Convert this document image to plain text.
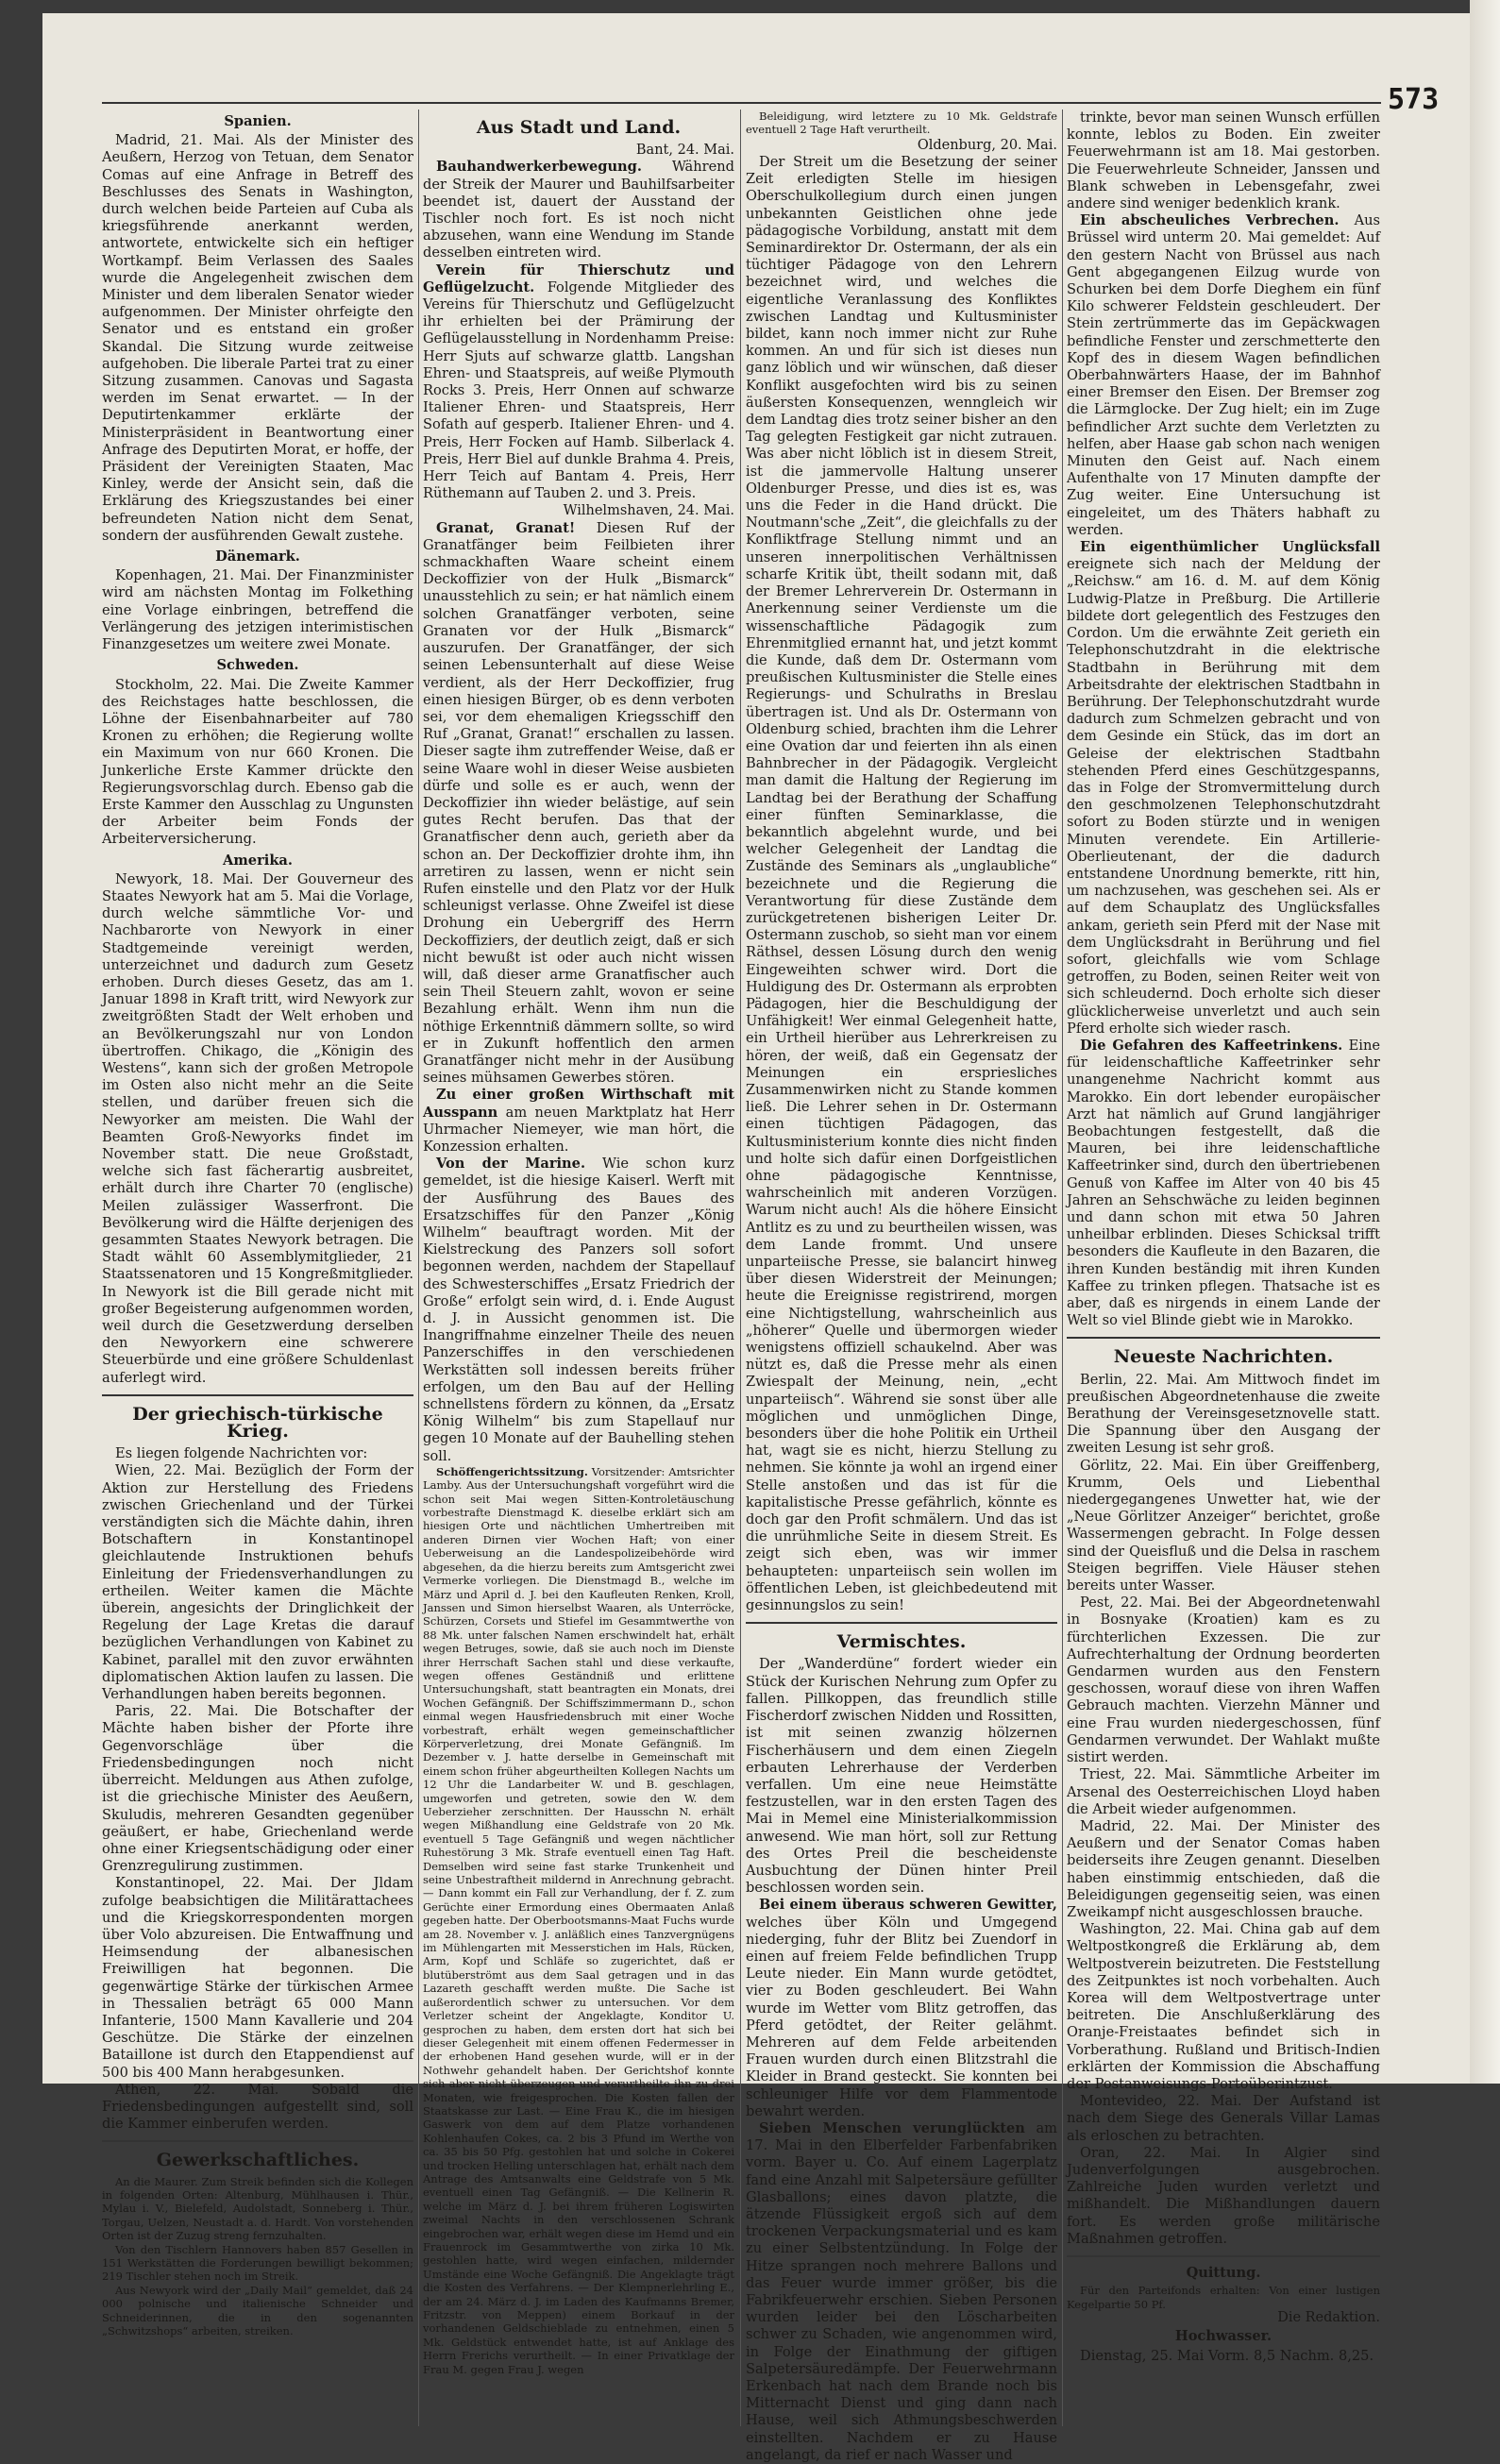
573
Spanien.

Madrid, 21. Mai. Als der Minister des Aeußern, Herzog von Tetuan, dem Senator Comas auf eine Anfrage in Betreff des Beschlusses des Senats in Washington, durch welchen beide Parteien auf Cuba als kriegsführende anerkannt werden, antwortete, entwickelte sich ein heftiger Wortkampf. Beim Verlassen des Saales wurde die Angelegenheit zwischen dem Minister und dem liberalen Senator wieder aufgenommen. Der Minister ohrfeigte den Senator und es entstand ein großer Skandal. Die Sitzung wurde zeitweise aufgehoben. Die liberale Partei trat zu einer Sitzung zusammen. Canovas und Sagasta werden im Senat erwartet. — In der Deputirtenkammer erklärte der Ministerpräsident in Beantwortung einer Anfrage des Deputirten Morat, er hoffe, der Präsident der Vereinigten Staaten, Mac Kinley, werde der Ansicht sein, daß die Erklärung des Kriegszustandes bei einer befreundeten Nation nicht dem Senat, sondern der ausführenden Gewalt zustehe.

Dänemark.

Kopenhagen, 21. Mai. Der Finanzminister wird am nächsten Montag im Folkething eine Vorlage einbringen, betreffend die Verlängerung des jetzigen interimistischen Finanzgesetzes um weitere zwei Monate.

Schweden.

Stockholm, 22. Mai. Die Zweite Kammer des Reichstages hatte beschlossen, die Löhne der Eisenbahnarbeiter auf 780 Kronen zu erhöhen; die Regierung wollte ein Maximum von nur 660 Kronen. Die Junkerliche Erste Kammer drückte den Regierungsvorschlag durch. Ebenso gab die Erste Kammer den Ausschlag zu Ungunsten der Arbeiter beim Fonds der Arbeiterversicherung.

Amerika.

Newyork, 18. Mai. Der Gouverneur des Staates Newyork hat am 5. Mai die Vorlage, durch welche sämmtliche Vor- und Nachbarorte von Newyork in einer Stadtgemeinde vereinigt werden, unterzeichnet und dadurch zum Gesetz erhoben. Durch dieses Gesetz, das am 1. Januar 1898 in Kraft tritt, wird Newyork zur zweitgrößten Stadt der Welt erhoben und an Bevölkerungszahl nur von London übertroffen. Chikago, die „Königin des Westens“, kann sich der großen Metropole im Osten also nicht mehr an die Seite stellen, und darüber freuen sich die Newyorker am meisten. Die Wahl der Beamten Groß-Newyorks findet im November statt. Die neue Großstadt, welche sich fast fächerartig ausbreitet, erhält durch ihre Charter 70 (englische) Meilen zulässiger Wasserfront. Die Bevölkerung wird die Hälfte derjenigen des gesammten Staates Newyork betragen. Die Stadt wählt 60 Assemblymitglieder, 21 Staatssenatoren und 15 Kongreßmitglieder. In Newyork ist die Bill gerade nicht mit großer Begeisterung aufgenommen worden, weil durch die Gesetzwerdung derselben den Newyorkern eine schwerere Steuerbürde und eine größere Schuldenlast auferlegt wird.

Der griechisch-türkische Krieg.

Es liegen folgende Nachrichten vor:

Wien, 22. Mai. Bezüglich der Form der Aktion zur Herstellung des Friedens zwischen Griechenland und der Türkei verständigten sich die Mächte dahin, ihren Botschaftern in Konstantinopel gleichlautende Instruktionen behufs Einleitung der Friedensverhandlungen zu ertheilen. Weiter kamen die Mächte überein, angesichts der Dringlichkeit der Regelung der Lage Kretas die darauf bezüglichen Verhandlungen von Kabinet zu Kabinet, parallel mit den zuvor erwähnten diplomatischen Aktion laufen zu lassen. Die Verhandlungen haben bereits begonnen.

Paris, 22. Mai. Die Botschafter der Mächte haben bisher der Pforte ihre Gegenvorschläge über die Friedensbedingungen noch nicht überreicht. Meldungen aus Athen zufolge, ist die griechische Minister des Aeußern, Skuludis, mehreren Gesandten gegenüber geäußert, er habe, Griechenland werde ohne einer Kriegsentschädigung oder einer Grenzregulirung zustimmen.

Konstantinopel, 22. Mai. Der Jldam zufolge beabsichtigen die Militärattachees und die Kriegskorrespondenten morgen über Volo abzureisen. Die Entwaffnung und Heimsendung der albanesischen Freiwilligen hat begonnen. Die gegenwärtige Stärke der türkischen Armee in Thessalien beträgt 65 000 Mann Infanterie, 1500 Mann Kavallerie und 204 Geschütze. Die Stärke der einzelnen Bataillone ist durch den Etappendienst auf 500 bis 400 Mann herabgesunken.

Athen, 22. Mai. Sobald die Friedensbedingungen aufgestellt sind, soll die Kammer einberufen werden.

Gewerkschaftliches.

An die Maurer. Zum Streik befinden sich die Kollegen in folgenden Orten: Altenburg, Mühlhausen i. Thür., Mylau i. V., Bielefeld, Audolstadt, Sonneberg i. Thür., Torgau, Uelzen, Neustadt a. d. Hardt. Von vorstehenden Orten ist der Zuzug streng fernzuhalten.

Von den Tischlern Hannovers haben 857 Gesellen in 151 Werkstätten die Forderungen bewilligt bekommen; 219 Tischler stehen noch im Streik.

Aus Newyork wird der „Daily Mail“ gemeldet, daß 24 000 polnische und italienische Schneider und Schneiderinnen, die in den sogenannten „Schwitzshops“ arbeiten, streiken.

Aus Stadt und Land.
Bant, 24. Mai.

Bauhandwerkerbewegung. Während der Streik der Maurer und Bauhilfsarbeiter beendet ist, dauert der Ausstand der Tischler noch fort. Es ist noch nicht abzusehen, wann eine Wendung im Stande desselben eintreten wird.

Verein für Thierschutz und Geflügelzucht. Folgende Mitglieder des Vereins für Thierschutz und Geflügelzucht ihr erhielten bei der Prämirung der Geflügelausstellung in Nordenhamm Preise: Herr Sjuts auf schwarze glattb. Langshan Ehren- und Staatspreis, auf weiße Plymouth Rocks 3. Preis, Herr Onnen auf schwarze Italiener Ehren- und Staatspreis, Herr Sofath auf gesperb. Italiener Ehren- und 4. Preis, Herr Focken auf Hamb. Silberlack 4. Preis, Herr Biel auf dunkle Brahma 4. Preis, Herr Teich auf Bantam 4. Preis, Herr Rüthemann auf Tauben 2. und 3. Preis.

Wilhelmshaven, 24. Mai.

Granat, Granat! Diesen Ruf der Granatfänger beim Feilbieten ihrer schmackhaften Waare scheint einem Deckoffizier von der Hulk „Bismarck“ unausstehlich zu sein; er hat nämlich einem solchen Granatfänger verboten, seine Granaten vor der Hulk „Bismarck“ auszurufen. Der Granatfänger, der sich seinen Lebensunterhalt auf diese Weise verdient, als der Herr Deckoffizier, frug einen hiesigen Bürger, ob es denn verboten sei, vor dem ehemaligen Kriegsschiff den Ruf „Granat, Granat!“ erschallen zu lassen. Dieser sagte ihm zutreffender Weise, daß er seine Waare wohl in dieser Weise ausbieten dürfe und solle es er auch, wenn der Deckoffizier ihn wieder belästige, auf sein gutes Recht berufen. Das that der Granatfischer denn auch, gerieth aber da schon an. Der Deckoffizier drohte ihm, ihn arretiren zu lassen, wenn er nicht sein Rufen einstelle und den Platz vor der Hulk schleunigst verlasse. Ohne Zweifel ist diese Drohung ein Uebergriff des Herrn Deckoffiziers, der deutlich zeigt, daß er sich nicht bewußt ist oder auch nicht wissen will, daß dieser arme Granatfischer auch sein Theil Steuern zahlt, wovon er seine Bezahlung erhält. Wenn ihm nun die nöthige Erkenntniß dämmern sollte, so wird er in Zukunft hoffentlich den armen Granatfänger nicht mehr in der Ausübung seines mühsamen Gewerbes stören.

Zu einer großen Wirthschaft mit Ausspann am neuen Marktplatz hat Herr Uhrmacher Niemeyer, wie man hört, die Konzession erhalten.

Von der Marine. Wie schon kurz gemeldet, ist die hiesige Kaiserl. Werft mit der Ausführung des Baues des Ersatzschiffes für den Panzer „König Wilhelm“ beauftragt worden. Mit der Kielstreckung des Panzers soll sofort begonnen werden, nachdem der Stapellauf des Schwesterschiffes „Ersatz Friedrich der Große“ erfolgt sein wird, d. i. Ende August d. J. in Aussicht genommen ist. Die Inangriffnahme einzelner Theile des neuen Panzerschiffes in den verschiedenen Werkstätten soll indessen bereits früher erfolgen, um den Bau auf der Helling schnellstens fördern zu können, da „Ersatz König Wilhelm“ bis zum Stapellauf nur gegen 10 Monate auf der Bauhelling stehen soll.

Schöffengerichtssitzung. Vorsitzender: Amtsrichter Lamby. Aus der Untersuchungshaft vorgeführt wird die schon seit Mai wegen Sitten-Kontroletäuschung vorbestrafte Dienstmagd K. dieselbe erklärt sich am hiesigen Orte und nächtlichen Umhertreiben mit anderen Dirnen vier Wochen Haft; von einer Ueberweisung an die Landespolizeibehörde wird abgesehen, da die hierzu bereits zum Amtsgericht zwei Vermerke vorliegen. Die Dienstmagd B., welche im März und April d. J. bei den Kaufleuten Renken, Kroll, Janssen und Simon hierselbst Waaren, als Unterröcke, Schürzen, Corsets und Stiefel im Gesammtwerthe von 88 Mk. unter falschen Namen erschwindelt hat, erhält wegen Betruges, sowie, daß sie auch noch im Dienste ihrer Herrschaft Sachen stahl und diese verkaufte, wegen offenes Geständniß und erlittene Untersuchungshaft, statt beantragten ein Monats, drei Wochen Gefängniß. Der Schiffszimmermann D., schon einmal wegen Hausfriedensbruch mit einer Woche vorbestraft, erhält wegen gemeinschaftlicher Körperverletzung, drei Monate Gefängniß. Im Dezember v. J. hatte derselbe in Gemeinschaft mit einem schon früher abgeurtheilten Kollegen Nachts um 12 Uhr die Landarbeiter W. und B. geschlagen, umgeworfen und getreten, sowie den W. dem Ueberzieher zerschnitten. Der Hausschn N. erhält wegen Mißhandlung eine Geldstrafe von 20 Mk. eventuell 5 Tage Gefängniß und wegen nächtlicher Ruhestörung 3 Mk. Strafe eventuell einen Tag Haft. Demselben wird seine fast starke Trunkenheit und seine Unbestraftheit mildernd in Anrechnung gebracht. — Dann kommt ein Fall zur Verhandlung, der f. Z. zum Gerüchte einer Ermordung eines Obermaaten Anlaß gegeben hatte. Der Oberbootsmanns-Maat Fuchs wurde am 28. November v. J. anläßlich eines Tanzvergnügens im Mühlengarten mit Messerstichen im Hals, Rücken, Arm, Kopf und Schläfe so zugerichtet, daß er blutüberströmt aus dem Saal getragen und in das Lazareth geschafft werden mußte. Die Sache ist außerordentlich schwer zu untersuchen. Vor dem Verletzer scheint der Angeklagte, Konditor U. gesprochen zu haben, dem ersten dort hat sich bei dieser Gelegenheit mit einem offenen Federmesser in der erhobenen Hand gesehen wurde, will er in der Nothwehr gehandelt haben. Der Gerichtshof konnte sich aber nicht überzeugen und verurtheilte ihn zu drei Monaten, wie freigesprochen. Die Kosten fallen der Staatskasse zur Last. — Eine Frau K., die im hiesigen Gaswerk von dem auf dem Platze vorhandenen Kohlenhaufen Cokes, ca. 2 bis 3 Pfund im Werthe von ca. 35 bis 50 Pfg. gestohlen hat und solche in Cokerei und trocken Helling unterschlagen hat, erhält nach dem Antrage des Amtsanwalts eine Geldstrafe von 5 Mk. eventuell einen Tag Gefängniß. — Die Kellnerin R. welche im März d. J. bei ihrem früheren Logiswirten zweimal Nachts in den verschlossenen Schrank eingebrochen war, erhält wegen diese im Hemd und ein Frauenrock im Gesammtwerthe von zirka 10 Mk. gestohlen hatte, wird wegen einfachen, mildernder Umstände eine Woche Gefängniß. Die Angeklagte trägt die Kosten des Verfahrens. — Der Klempnerlehrling E., der am 24. März d. J. im Laden des Kaufmanns Bremer, Fritzstr. von Meppen) einem Borkauf in der vorhandenen Geldschieblade zu entnehmen, einen 5 Mk. Geldstück entwendet hatte, ist auf Anklage des Herrn Frerichs verurtheilt. — In einer Privatklage der Frau M. gegen Frau J. wegen

Beleidigung, wird letztere zu 10 Mk. Geldstrafe eventuell 2 Tage Haft verurtheilt.

Oldenburg, 20. Mai.

Der Streit um die Besetzung der seiner Zeit erledigten Stelle im hiesigen Oberschulkollegium durch einen jungen unbekannten Geistlichen ohne jede pädagogische Vorbildung, anstatt mit dem Seminardirektor Dr. Ostermann, der als ein tüchtiger Pädagoge von den Lehrern bezeichnet wird, und welches die eigentliche Veranlassung des Konfliktes zwischen Landtag und Kultusminister bildet, kann noch immer nicht zur Ruhe kommen. An und für sich ist dieses nun ganz löblich und wir wünschen, daß dieser Konflikt ausgefochten wird bis zu seinen äußersten Konsequenzen, wenngleich wir dem Landtag dies trotz seiner bisher an den Tag gelegten Festigkeit gar nicht zutrauen. Was aber nicht löblich ist in diesem Streit, ist die jammervolle Haltung unserer Oldenburger Presse, und dies ist es, was uns die Feder in die Hand drückt. Die Noutmann'sche „Zeit“, die gleichfalls zu der Konfliktfrage Stellung nimmt und an unseren innerpolitischen Verhältnissen scharfe Kritik übt, theilt sodann mit, daß der Bremer Lehrerverein Dr. Ostermann in Anerkennung seiner Verdienste um die wissenschaftliche Pädagogik zum Ehrenmitglied ernannt hat, und jetzt kommt die Kunde, daß dem Dr. Ostermann vom preußischen Kultusminister die Stelle eines Regierungs- und Schulraths in Breslau übertragen ist. Und als Dr. Ostermann von Oldenburg schied, brachten ihm die Lehrer eine Ovation dar und feierten ihn als einen Bahnbrecher in der Pädagogik. Vergleicht man damit die Haltung der Regierung im Landtag bei der Berathung der Schaffung einer fünften Seminarklasse, die bekanntlich abgelehnt wurde, und bei welcher Gelegenheit der Landtag die Zustände des Seminars als „unglaubliche“ bezeichnete und die Regierung die Verantwortung für diese Zustände dem zurückgetretenen bisherigen Leiter Dr. Ostermann zuschob, so sieht man vor einem Räthsel, dessen Lösung durch den wenig Eingeweihten schwer wird. Dort die Huldigung des Dr. Ostermann als erprobten Pädagogen, hier die Beschuldigung der Unfähigkeit! Wer einmal Gelegenheit hatte, ein Urtheil hierüber aus Lehrerkreisen zu hören, der weiß, daß ein Gegensatz der Meinungen ein erspriesliches Zusammenwirken nicht zu Stande kommen ließ. Die Lehrer sehen in Dr. Ostermann einen tüchtigen Pädagogen, das Kultusministerium konnte dies nicht finden und holte sich dafür einen Dorfgeistlichen ohne pädagogische Kenntnisse, wahrscheinlich mit anderen Vorzügen. Warum nicht auch! Als die höhere Einsicht Antlitz es zu und zu beurtheilen wissen, was dem Lande frommt. Und unsere unparteiische Presse, sie balancirt hinweg über diesen Widerstreit der Meinungen; heute die Ereignisse registrirend, morgen eine Nichtigstellung, wahrscheinlich aus „höherer“ Quelle und übermorgen wieder wenigstens offiziell schaukelnd. Aber was nützt es, daß die Presse mehr als einen Zwiespalt der Meinung, nein, „echt unparteiisch“. Während sie sonst über alle möglichen und unmöglichen Dinge, besonders über die hohe Politik ein Urtheil hat, wagt sie es nicht, hierzu Stellung zu nehmen. Sie könnte ja wohl an irgend einer Stelle anstoßen und das ist für die kapitalistische Presse gefährlich, könnte es doch gar den Profit schmälern. Und das ist die unrühmliche Seite in diesem Streit. Es zeigt sich eben, was wir immer behaupteten: unparteiisch sein wollen im öffentlichen Leben, ist gleichbedeutend mit gesinnungslos zu sein!

Vermischtes.

Der „Wanderdüne“ fordert wieder ein Stück der Kurischen Nehrung zum Opfer zu fallen. Pillkoppen, das freundlich stille Fischerdorf zwischen Nidden und Rossitten, ist mit seinen zwanzig hölzernen Fischerhäusern und dem einen Ziegeln erbauten Lehrerhause der Verderben verfallen. Um eine neue Heimstätte festzustellen, war in den ersten Tagen des Mai in Memel eine Ministerialkommission anwesend. Wie man hört, soll zur Rettung des Ortes Preil die bescheidenste Ausbuchtung der Dünen hinter Preil beschlossen worden sein.

Bei einem überaus schweren Gewitter, welches über Köln und Umgegend niederging, fuhr der Blitz bei Zuendorf in einen auf freiem Felde befindlichen Trupp Leute nieder. Ein Mann wurde getödtet, vier zu Boden geschleudert. Bei Wahn wurde im Wetter vom Blitz getroffen, das Pferd getödtet, der Reiter gelähmt. Mehreren auf dem Felde arbeitenden Frauen wurden durch einen Blitzstrahl die Kleider in Brand gesteckt. Sie konnten bei schleuniger Hilfe vor dem Flammentode bewahrt werden.

Sieben Menschen verunglückten am 17. Mai in den Elberfelder Farbenfabriken vorm. Bayer u. Co. Auf einem Lagerplatz fand eine Anzahl mit Salpetersäure gefüllter Glasballons; eines davon platzte, die ätzende Flüssigkeit ergoß sich auf dem trockenen Verpackungsmaterial und es kam zu einer Selbstentzündung. In Folge der Hitze sprangen noch mehrere Ballons und das Feuer wurde immer größer, bis die Fabrikfeuerwehr erschien. Sieben Personen wurden leider bei den Löscharbeiten schwer zu Schaden, wie angenommen wird, in Folge der Einathmung der giftigen Salpetersäuredämpfe. Der Feuerwehrmann Erkenbach hat nach dem Brande noch bis Mitternacht Dienst und ging dann nach Hause, weil sich Athmungsbeschwerden einstellten. Nachdem er zu Hause angelangt, da rief er nach Wasser und

trinkte, bevor man seinen Wunsch erfüllen konnte, leblos zu Boden. Ein zweiter Feuerwehrmann ist am 18. Mai gestorben. Die Feuerwehrleute Schneider, Janssen und Blank schweben in Lebensgefahr, zwei andere sind weniger bedenklich krank.

Ein abscheuliches Verbrechen. Aus Brüssel wird unterm 20. Mai gemeldet: Auf den gestern Nacht von Brüssel aus nach Gent abgegangenen Eilzug wurde von Schurken bei dem Dorfe Dieghem ein fünf Kilo schwerer Feldstein geschleudert. Der Stein zertrümmerte das im Gepäckwagen befindliche Fenster und zerschmetterte den Kopf des in diesem Wagen befindlichen Oberbahnwärters Haase, der im Bahnhof einer Bremser den Eisen. Der Bremser zog die Lärmglocke. Der Zug hielt; ein im Zuge befindlicher Arzt suchte dem Verletzten zu helfen, aber Haase gab schon nach wenigen Minuten den Geist auf. Nach einem Aufenthalte von 17 Minuten dampfte der Zug weiter. Eine Untersuchung ist eingeleitet, um des Thäters habhaft zu werden.

Ein eigenthümlicher Unglücksfall ereignete sich nach der Meldung der „Reichsw.“ am 16. d. M. auf dem König Ludwig-Platze in Preßburg. Die Artillerie bildete dort gelegentlich des Festzuges den Cordon. Um die erwähnte Zeit gerieth ein Telephonschutzdraht in die elektrische Stadtbahn in Berührung mit dem Arbeitsdrahte der elektrischen Stadtbahn in Berührung. Der Telephonschutzdraht wurde dadurch zum Schmelzen gebracht und von dem Gesinde ein Stück, das im dort an Geleise der elektrischen Stadtbahn stehenden Pferd eines Geschützgespanns, das in Folge der Stromvermittelung durch den geschmolzenen Telephonschutzdraht sofort zu Boden stürzte und in wenigen Minuten verendete. Ein Artillerie-Oberlieutenant, der die dadurch entstandene Unordnung bemerkte, ritt hin, um nachzusehen, was geschehen sei. Als er auf dem Schauplatz des Unglücksfalles ankam, gerieth sein Pferd mit der Nase mit dem Unglücksdraht in Berührung und fiel sofort, gleichfalls wie vom Schlage getroffen, zu Boden, seinen Reiter weit von sich schleudernd. Doch erholte sich dieser glücklicherweise unverletzt und auch sein Pferd erholte sich wieder rasch.

Die Gefahren des Kaffeetrinkens. Eine für leidenschaftliche Kaffeetrinker sehr unangenehme Nachricht kommt aus Marokko. Ein dort lebender europäischer Arzt hat nämlich auf Grund langjähriger Beobachtungen festgestellt, daß die Mauren, bei ihre leidenschaftliche Kaffeetrinker sind, durch den übertriebenen Genuß von Kaffee im Alter von 40 bis 45 Jahren an Sehschwäche zu leiden beginnen und dann schon mit etwa 50 Jahren unheilbar erblinden. Dieses Schicksal trifft besonders die Kaufleute in den Bazaren, die ihren Kunden beständig mit ihren Kunden Kaffee zu trinken pflegen. Thatsache ist es aber, daß es nirgends in einem Lande der Welt so viel Blinde giebt wie in Marokko.

Neueste Nachrichten.

Berlin, 22. Mai. Am Mittwoch findet im preußischen Abgeordnetenhause die zweite Berathung der Vereinsgesetznovelle statt. Die Spannung über den Ausgang der zweiten Lesung ist sehr groß.

Görlitz, 22. Mai. Ein über Greiffenberg, Krumm, Oels und Liebenthal niedergegangenes Unwetter hat, wie der „Neue Görlitzer Anzeiger“ berichtet, große Wassermengen gebracht. In Folge dessen sind der Queisfluß und die Delsa in raschem Steigen begriffen. Viele Häuser stehen bereits unter Wasser.

Pest, 22. Mai. Bei der Abgeordnetenwahl in Bosnyake (Kroatien) kam es zu fürchterlichen Exzessen. Die zur Aufrechterhaltung der Ordnung beorderten Gendarmen wurden aus den Fenstern geschossen, worauf diese von ihren Waffen Gebrauch machten. Vierzehn Männer und eine Frau wurden niedergeschossen, fünf Gendarmen verwundet. Der Wahlakt mußte sistirt werden.

Triest, 22. Mai. Sämmtliche Arbeiter im Arsenal des Oesterreichischen Lloyd haben die Arbeit wieder aufgenommen.

Madrid, 22. Mai. Der Minister des Aeußern und der Senator Comas haben beiderseits ihre Zeugen genannt. Dieselben haben einstimmig entschieden, daß die Beleidigungen gegenseitig seien, was einen Zweikampf nicht ausgeschlossen brauche.

Washington, 22. Mai. China gab auf dem Weltpostkongreß die Erklärung ab, dem Weltpostverein beizutreten. Die Feststellung des Zeitpunktes ist noch vorbehalten. Auch Korea will dem Weltpostvertrage unter beitreten. Die Anschlußerklärung des Oranje-Freistaates befindet sich in Vorberathung. Rußland und Britisch-Indien erklärten der Kommission die Abschaffung der Postanweisungs-Portoüberintzust.

Montevideo, 22. Mai. Der Aufstand ist nach dem Siege des Generals Villar Lamas als erloschen zu betrachten.

Oran, 22. Mai. In Algier sind Judenverfolgungen ausgebrochen. Zahlreiche Juden wurden verletzt und mißhandelt. Die Mißhandlungen dauern fort. Es werden große militärische Maßnahmen getroffen.

Quittung.

Für den Parteifonds erhalten: Von einer lustigen Kegelpartie 50 Pf.

Die Redaktion.
Hochwasser.

Dienstag, 25. Mai Vorm. 8,5 Nachm. 8,25.
